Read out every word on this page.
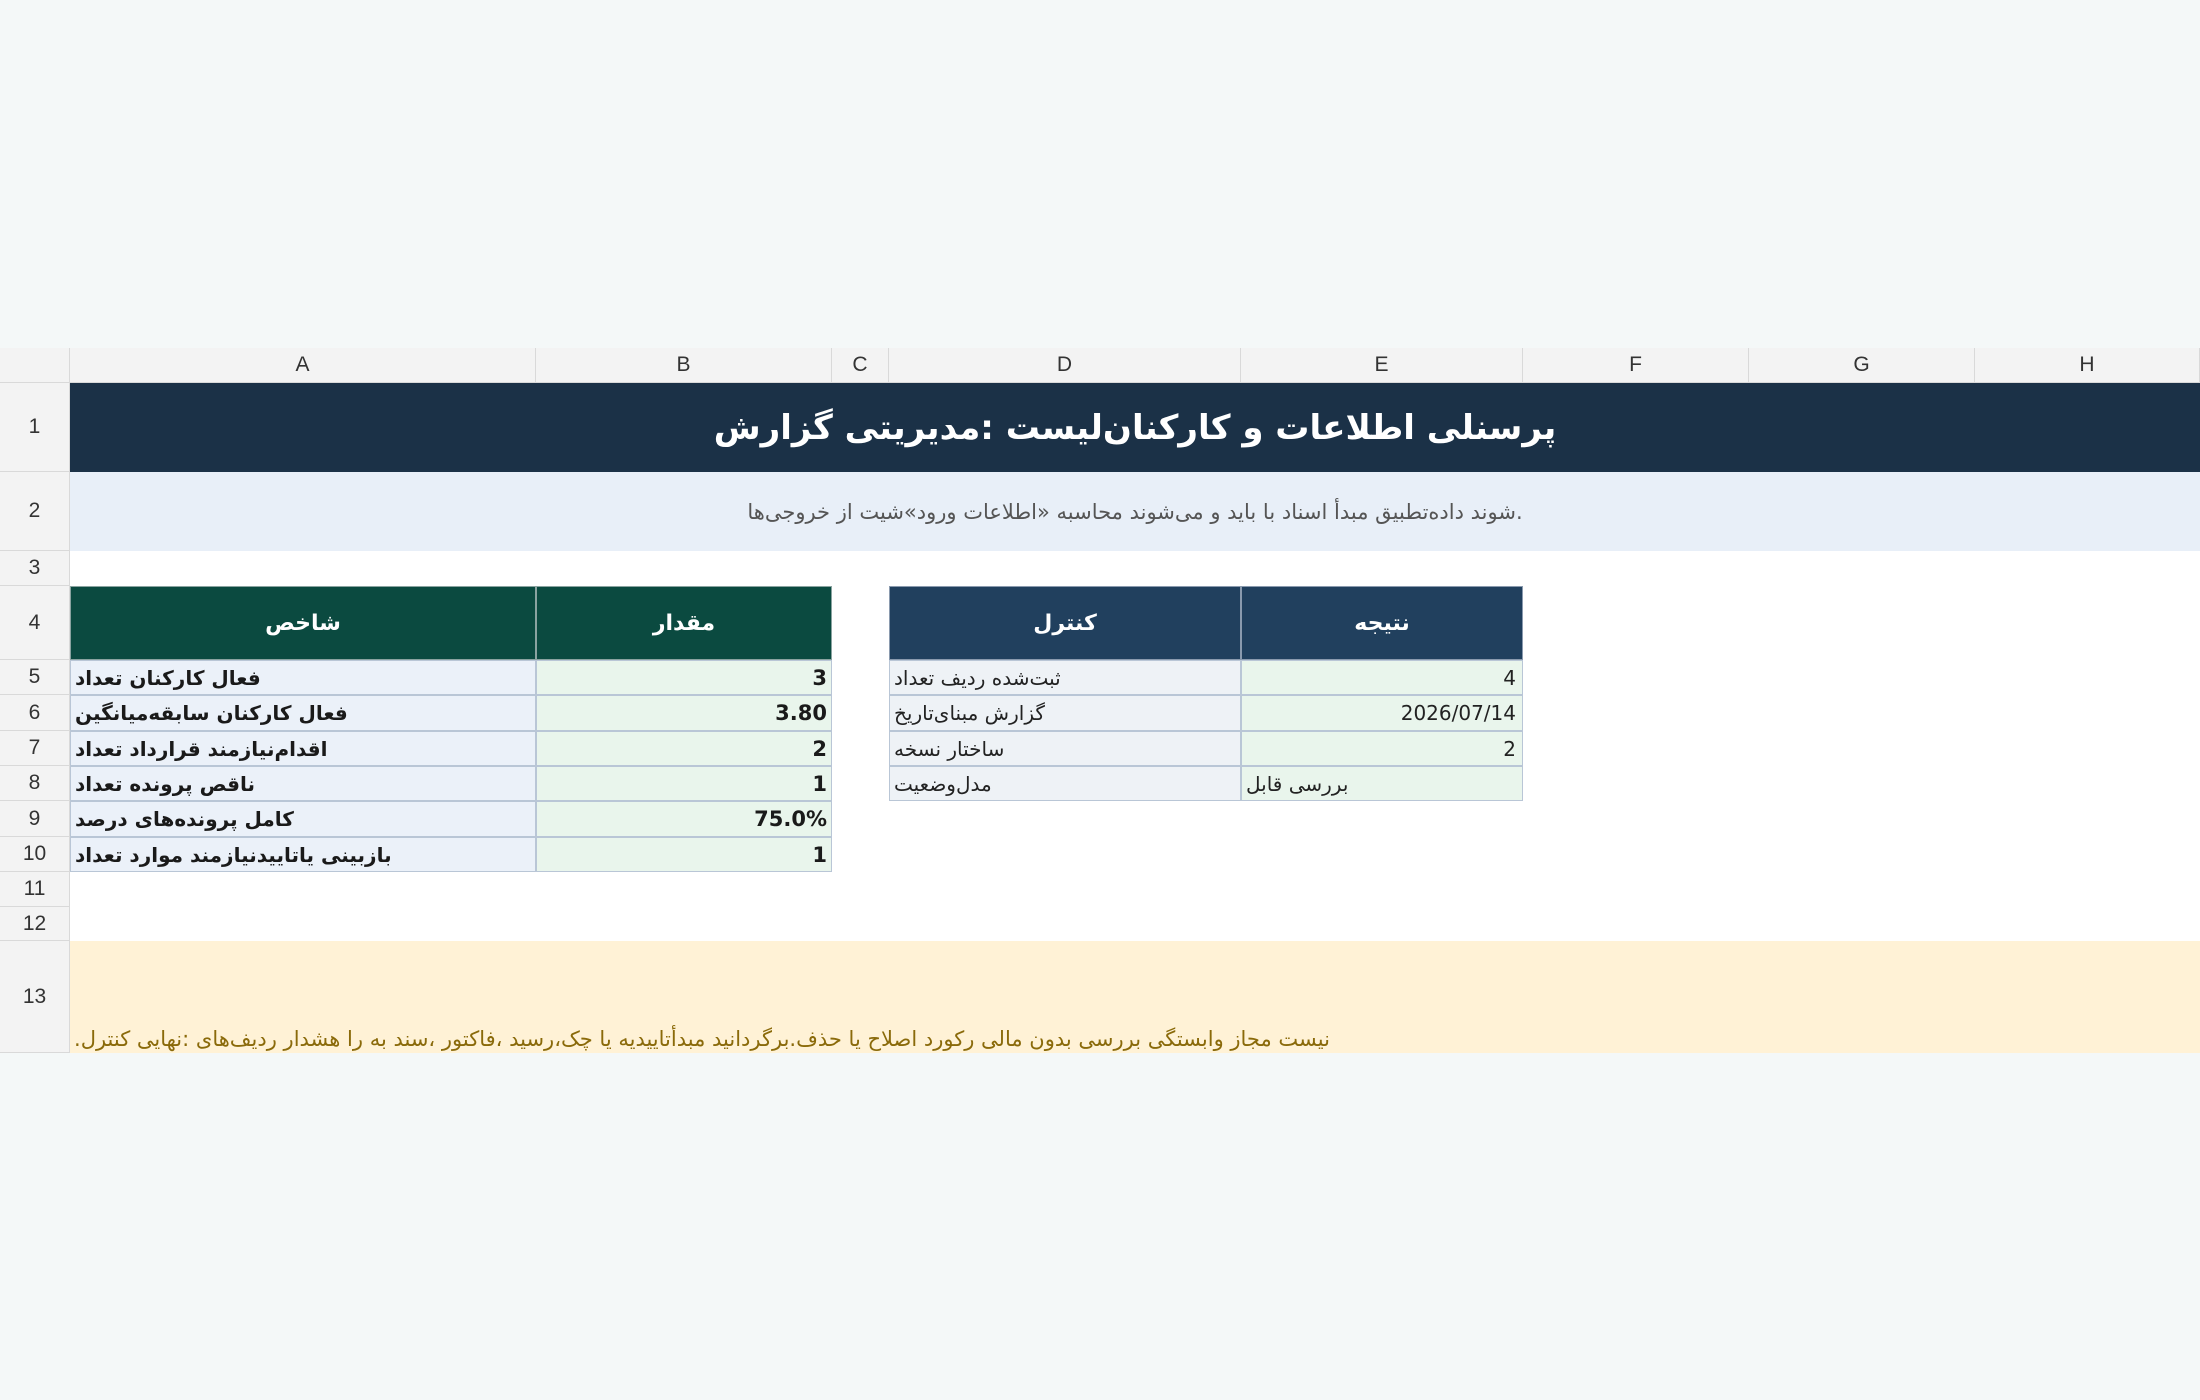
A	B	C	D	E	F	G	H
1
2
3
4
5
6
7
8
9
10
11
12
13
پرسنلی اطلاعات و کارکنان‌لیست :مدیریتی گزارش
.شوند داده‌تطبیق مبدأ اسناد با باید و می‌شوند محاسبه «اطلاعات ورود»شیت از خروجی‌ها
شاخص	مقدار
فعال کارکنان تعداد	3
فعال کارکنان سابقه‌میانگین	3.80
اقدام‌نیازمند قرارداد تعداد	2
ناقص پرونده تعداد	1
کامل پرونده‌های درصد	75.0%
بازبینی یاتاییدنیازمند موارد تعداد	1
کنترل	نتیجه
ثبت‌شده ردیف تعداد	4
گزارش مبنای‌تاریخ	2026/07/14
ساختار نسخه	2
مدل‌وضعیت	بررسی قابل
.نیست مجاز وابستگی بررسی بدون مالی رکورد اصلاح یا حذف.برگردانید مبدأتاییدیه یا چک،رسید ،فاکتور ،سند به را هشدار ردیف‌های :نهایی کنترل
